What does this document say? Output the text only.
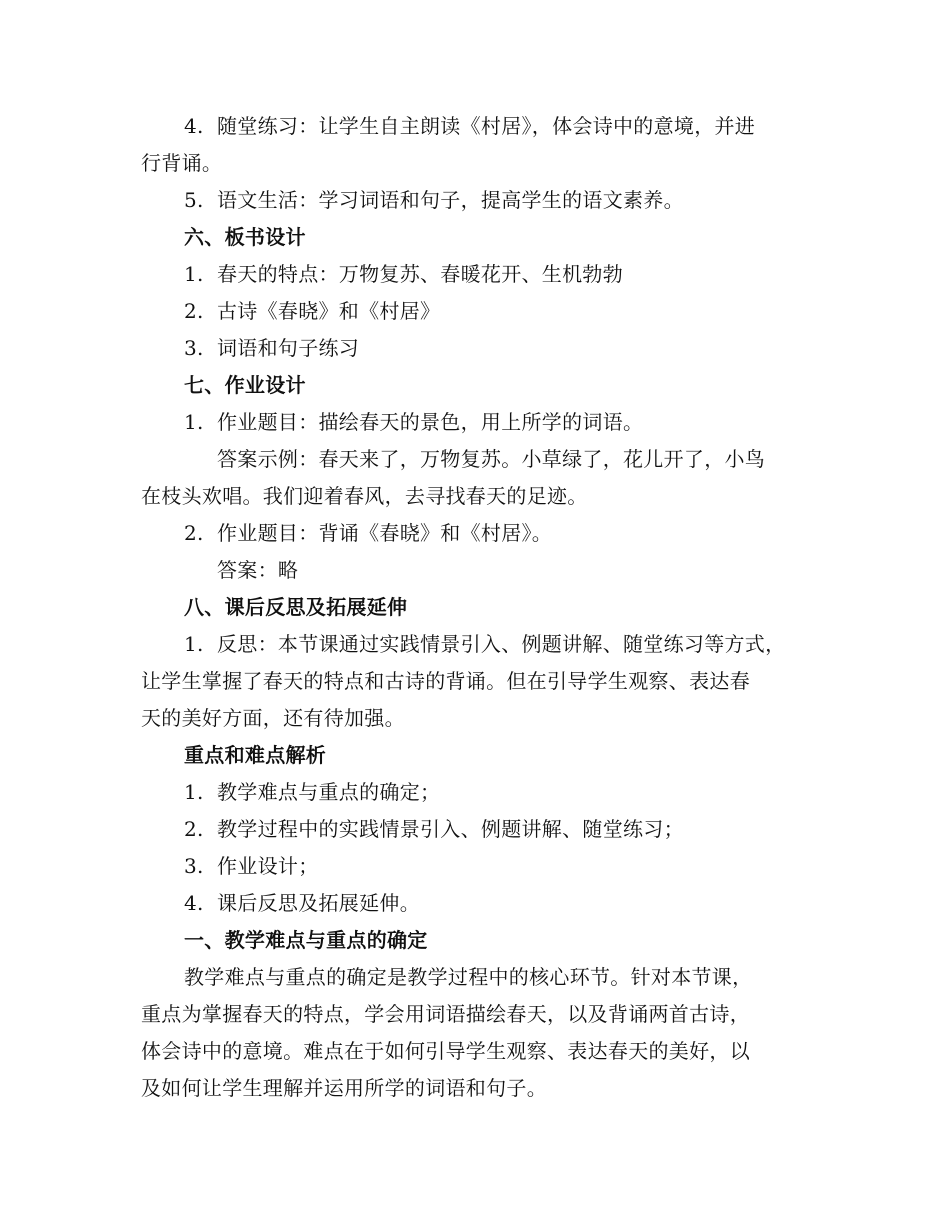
4. 随堂练习：让学生自主朗读《村居》，体会诗中的意境，并进
行背诵。
5. 语文生活：学习词语和句子，提高学生的语文素养。
六、板书设计
1. 春天的特点：万物复苏、春暖花开、生机勃勃
2. 古诗《春晓》和《村居》
3. 词语和句子练习
七、作业设计
1. 作业题目：描绘春天的景色，用上所学的词语。
答案示例：春天来了，万物复苏。小草绿了，花儿开了，小鸟
在枝头欢唱。我们迎着春风，去寻找春天的足迹。
2. 作业题目：背诵《春晓》和《村居》。
答案：略
八、课后反思及拓展延伸
1. 反思：本节课通过实践情景引入、例题讲解、随堂练习等方式，
让学生掌握了春天的特点和古诗的背诵。但在引导学生观察、表达春
天的美好方面，还有待加强。
重点和难点解析
1. 教学难点与重点的确定；
2. 教学过程中的实践情景引入、例题讲解、随堂练习；
3. 作业设计；
4. 课后反思及拓展延伸。
一、教学难点与重点的确定
教学难点与重点的确定是教学过程中的核心环节。针对本节课，
重点为掌握春天的特点，学会用词语描绘春天，以及背诵两首古诗，
体会诗中的意境。难点在于如何引导学生观察、表达春天的美好，以
及如何让学生理解并运用所学的词语和句子。
